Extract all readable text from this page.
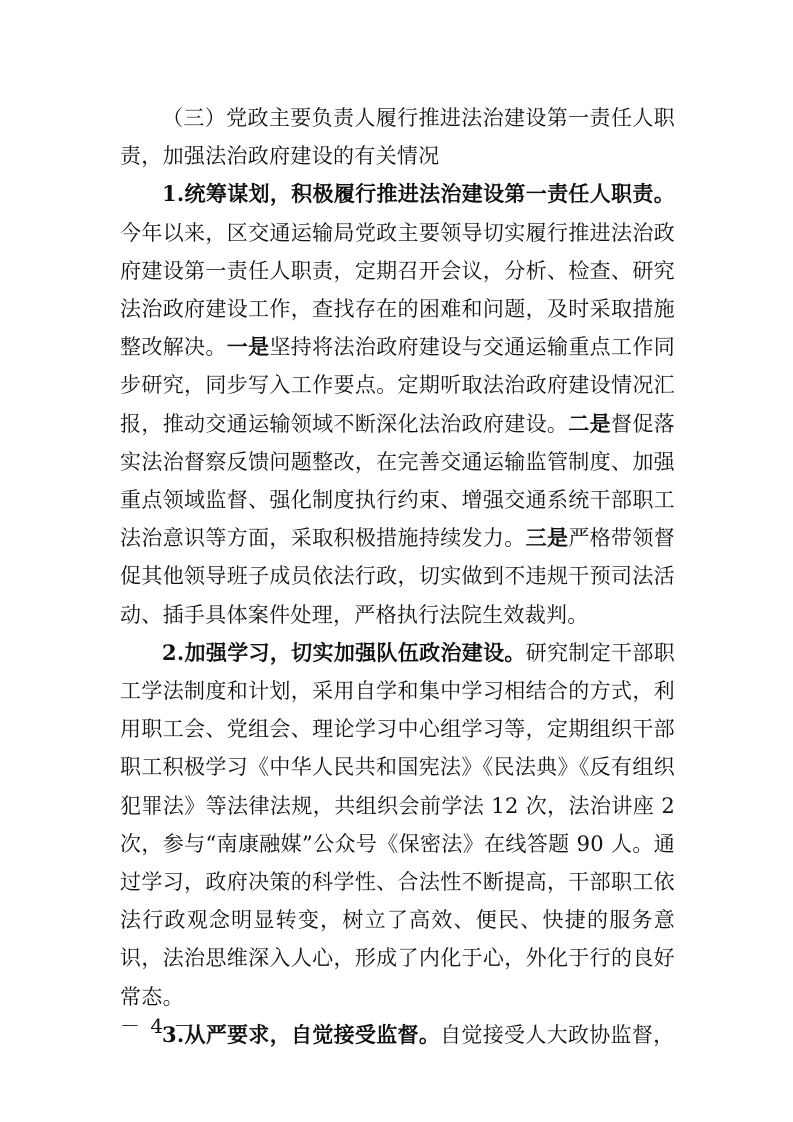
（三）党政主要负责人履行推进法治建设第一责任人职责，加强法治政府建设的有关情况

1.统筹谋划，积极履行推进法治建设第一责任人职责。今年以来，区交通运输局党政主要领导切实履行推进法治政府建设第一责任人职责，定期召开会议，分析、检查、研究法治政府建设工作，查找存在的困难和问题，及时采取措施整改解决。一是坚持将法治政府建设与交通运输重点工作同步研究，同步写入工作要点。定期听取法治政府建设情况汇报，推动交通运输领域不断深化法治政府建设。二是督促落实法治督察反馈问题整改，在完善交通运输监管制度、加强重点领域监督、强化制度执行约束、增强交通系统干部职工法治意识等方面，采取积极措施持续发力。三是严格带领督促其他领导班子成员依法行政，切实做到不违规干预司法活动、插手具体案件处理，严格执行法院生效裁判。

2.加强学习，切实加强队伍政治建设。研究制定干部职工学法制度和计划，采用自学和集中学习相结合的方式，利用职工会、党组会、理论学习中心组学习等，定期组织干部职工积极学习《中华人民共和国宪法》《民法典》《反有组织犯罪法》等法律法规，共组织会前学法 12 次，法治讲座 2 次，参与“南康融媒”公众号《保密法》在线答题 90 人。通过学习，政府决策的科学性、合法性不断提高，干部职工依法行政观念明显转变，树立了高效、便民、快捷的服务意识，法治思维深入人心，形成了内化于心，外化于行的良好常态。

3.从严要求，自觉接受监督。自觉接受人大政协监督，

－ 4 －
